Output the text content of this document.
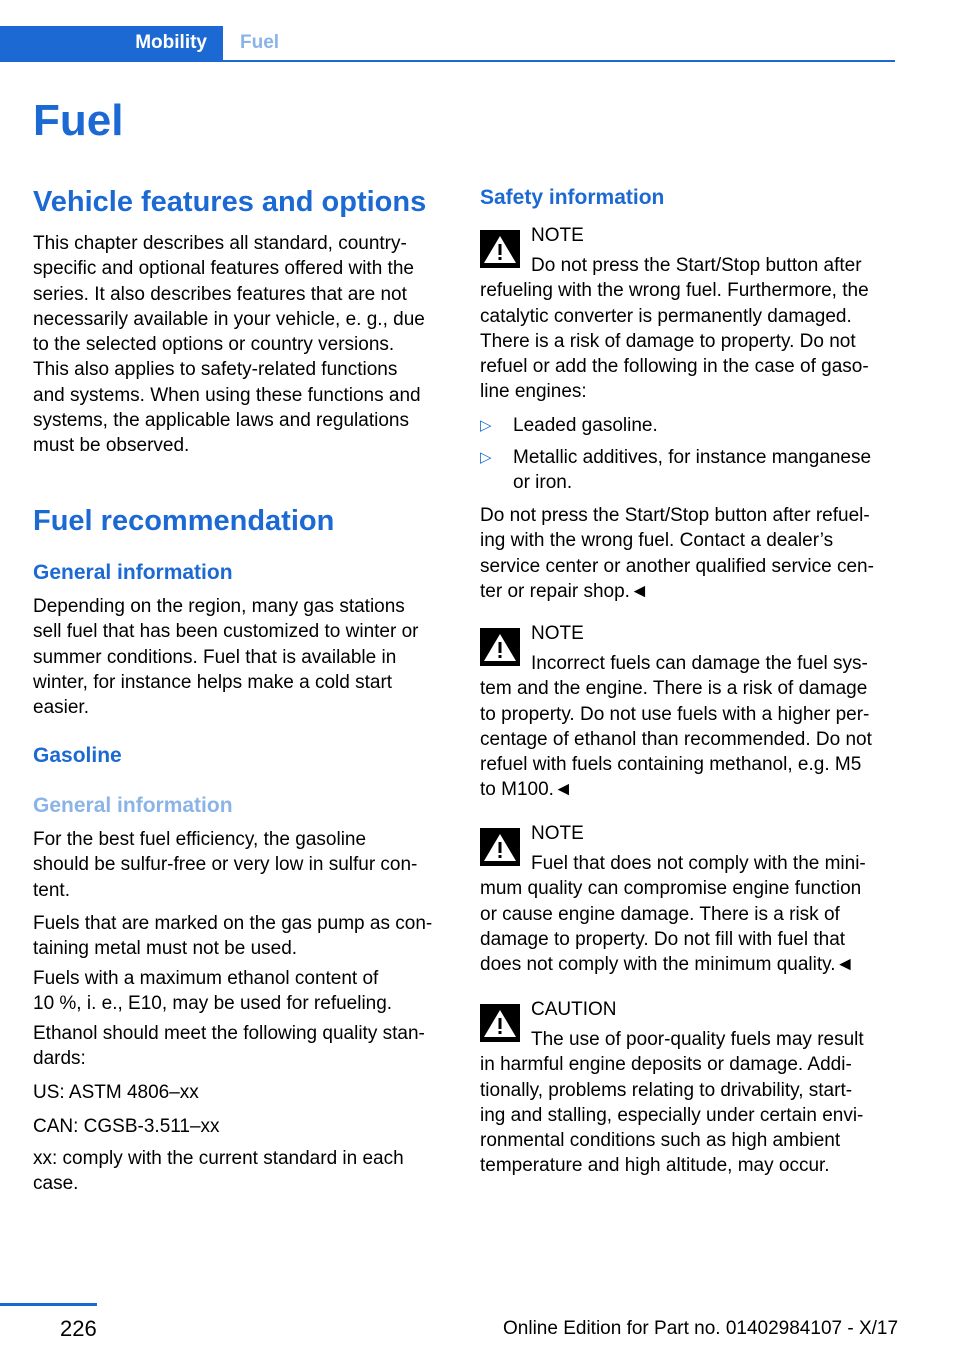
Mobility	Fuel
Fuel
Vehicle features and options
This chapter describes all standard, country-
specific and optional features offered with the
series. It also describes features that are not
necessarily available in your vehicle, e. g., due
to the selected options or country versions.
This also applies to safety-related functions
and systems. When using these functions and
systems, the applicable laws and regulations
must be observed.
Fuel recommendation
General information
Depending on the region, many gas stations
sell fuel that has been customized to winter or
summer conditions. Fuel that is available in
winter, for instance helps make a cold start
easier.
Gasoline
General information
For the best fuel efficiency, the gasoline
should be sulfur-free or very low in sulfur con-
tent.
Fuels that are marked on the gas pump as con-
taining metal must not be used.
Fuels with a maximum ethanol content of
10 %, i. e., E10, may be used for refueling.
Ethanol should meet the following quality stan-
dards:
US: ASTM 4806–xx
CAN: CGSB-3.511–xx
xx: comply with the current standard in each
case.
Safety information
NOTE
Do not press the Start/Stop button after
refueling with the wrong fuel. Furthermore, the
catalytic converter is permanently damaged.
There is a risk of damage to property. Do not
refuel or add the following in the case of gaso-
line engines:
▷	Leaded gasoline.
▷	Metallic additives, for instance manganese
or iron.
Do not press the Start/Stop button after refuel-
ing with the wrong fuel. Contact a dealer’s
service center or another qualified service cen-
ter or repair shop.◄
NOTE
Incorrect fuels can damage the fuel sys-
tem and the engine. There is a risk of damage
to property. Do not use fuels with a higher per-
centage of ethanol than recommended. Do not
refuel with fuels containing methanol, e.g. M5
to M100.◄
NOTE
Fuel that does not comply with the mini-
mum quality can compromise engine function
or cause engine damage. There is a risk of
damage to property. Do not fill with fuel that
does not comply with the minimum quality.◄
CAUTION
The use of poor-quality fuels may result
in harmful engine deposits or damage. Addi-
tionally, problems relating to drivability, start-
ing and stalling, especially under certain envi-
ronmental conditions such as high ambient
temperature and high altitude, may occur.
226	Online Edition for Part no. 01402984107 - X/17
